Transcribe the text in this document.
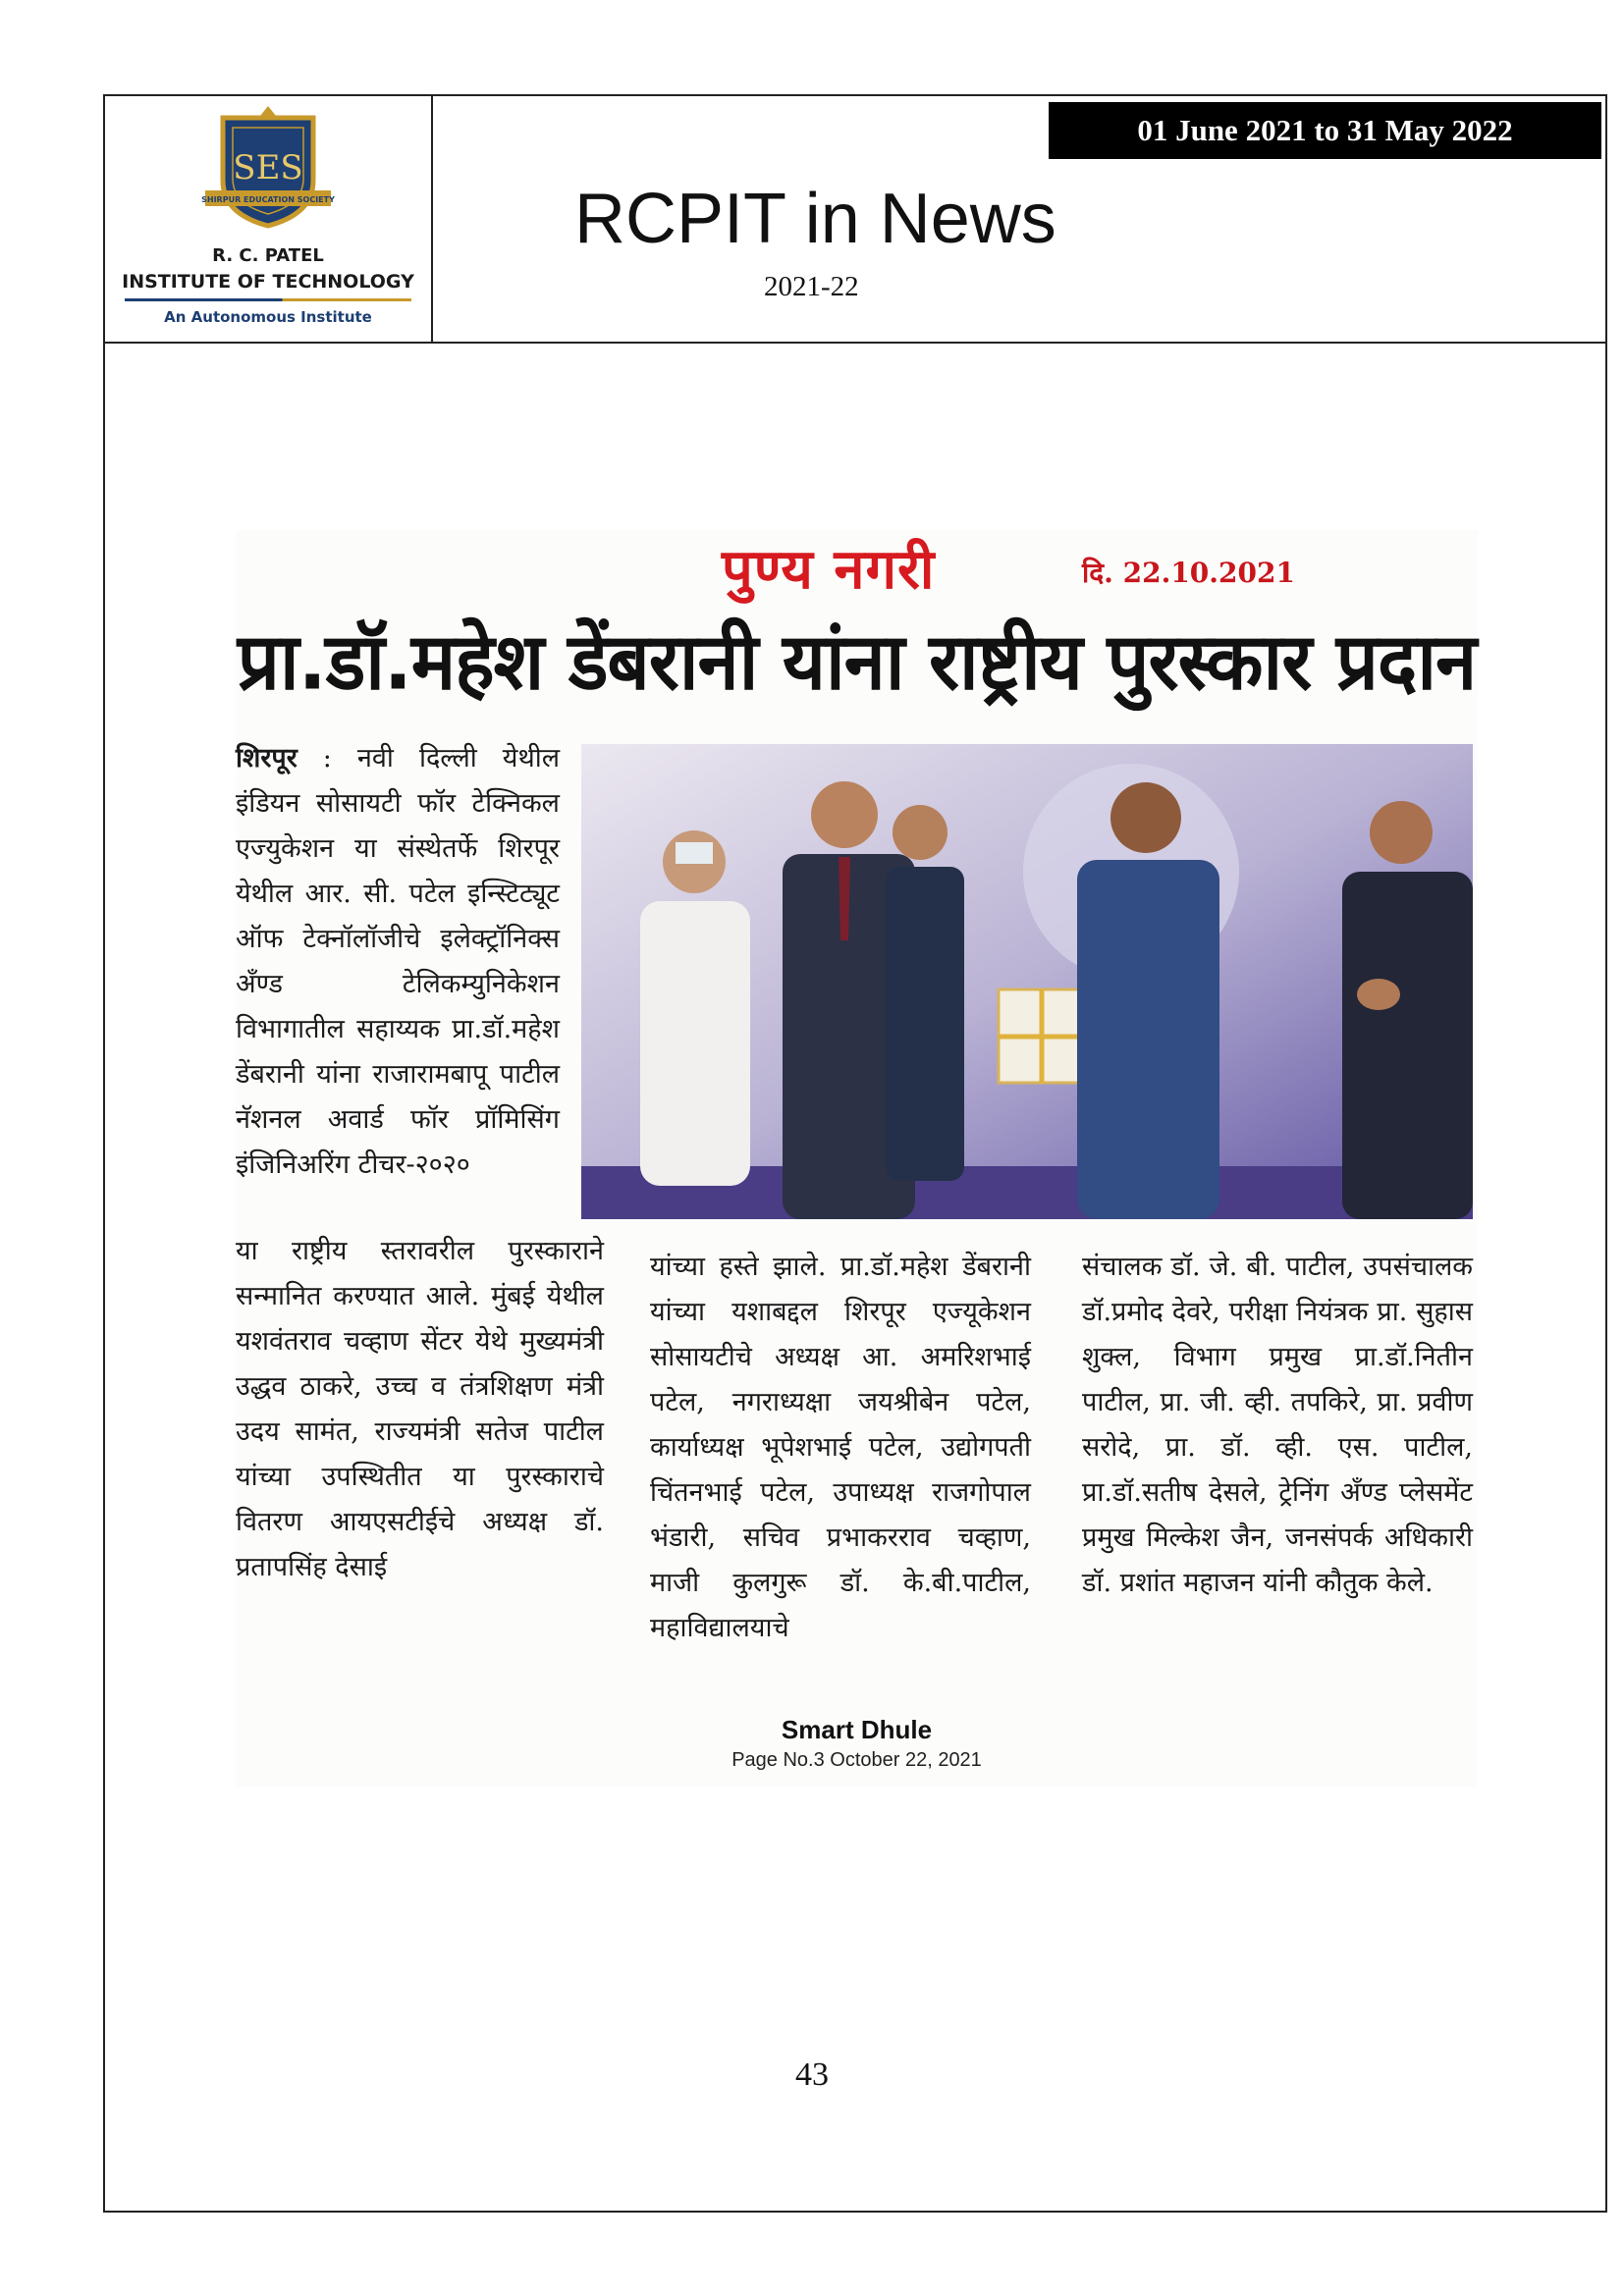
SES
SHIRPUR EDUCATION SOCIETY
R. C. PATEL
INSTITUTE OF TECHNOLOGY
An Autonomous Institute
01 June 2021 to 31 May 2022
RCPIT in News
2021-22
पुण्य नगरी	दि. 22.10.2021
प्रा.डॉ.महेश डेंबरानी यांना राष्ट्रीय पुरस्कार प्रदान
शिरपूर : नवी दिल्ली येथील इंडियन सोसायटी फॉर टेक्निकल एज्युकेशन या संस्थेतर्फे शिरपूर येथील आर. सी. पटेल इन्स्टिट्यूट ऑफ टेक्नॉलॉजीचे इलेक्ट्रॉनिक्स अँण्ड टेलिकम्युनिकेशन विभागातील सहाय्यक प्रा.डॉ.महेश डेंबरानी यांना राजारामबापू पाटील नॅशनल अवार्ड फॉर प्रॉमिसिंग इंजिनिअरिंग टीचर-२०२०
या राष्ट्रीय स्तरावरील पुरस्काराने सन्मानित करण्यात आले. मुंबई येथील यशवंतराव चव्हाण सेंटर येथे मुख्यमंत्री उद्धव ठाकरे, उच्च व तंत्रशिक्षण मंत्री उदय सामंत, राज्यमंत्री सतेज पाटील यांच्या उपस्थितीत या पुरस्काराचे वितरण आयएसटीईचे अध्यक्ष डॉ. प्रतापसिंह देसाई
यांच्या हस्ते झाले. प्रा.डॉ.महेश डेंबरानी यांच्या यशाबद्दल शिरपूर एज्यूकेशन सोसायटीचे अध्यक्ष आ. अमरिशभाई पटेल, नगराध्यक्षा जयश्रीबेन पटेल, कार्याध्यक्ष भूपेशभाई पटेल, उद्योगपती चिंतनभाई पटेल, उपाध्यक्ष राजगोपाल भंडारी, सचिव प्रभाकरराव चव्हाण, माजी कुलगुरू डॉ. के.बी.पाटील, महाविद्यालयाचे
संचालक डॉ. जे. बी. पाटील, उपसंचालक डॉ.प्रमोद देवरे, परीक्षा नियंत्रक प्रा. सुहास शुक्ल, विभाग प्रमुख प्रा.डॉ.नितीन पाटील, प्रा. जी. व्ही. तपकिरे, प्रा. प्रवीण सरोदे, प्रा. डॉ. व्ही. एस. पाटील, प्रा.डॉ.सतीष देसले, ट्रेनिंग अँण्ड प्लेसमेंट प्रमुख मिल्केश जैन, जनसंपर्क अधिकारी डॉ. प्रशांत महाजन यांनी कौतुक केले.
Smart Dhule
Page No.3 October 22, 2021
43
